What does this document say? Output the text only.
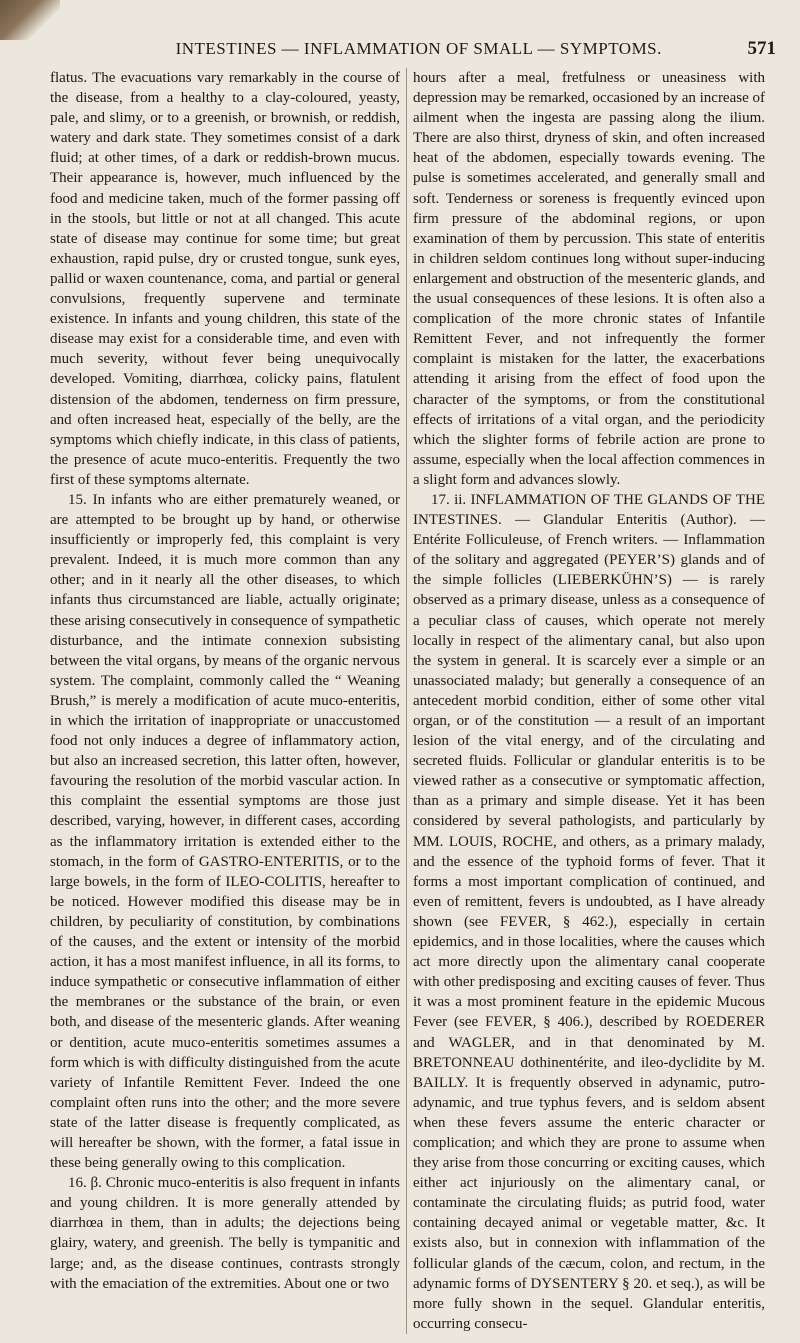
INTESTINES — INFLAMMATION OF SMALL — SYMPTOMS.	571

flatus. The evacuations vary remarkably in the course of the disease, from a healthy to a clay-coloured, yeasty, pale, and slimy, or to a greenish, or brownish, or reddish, watery and dark state. They sometimes consist of a dark fluid; at other times, of a dark or reddish-brown mucus. Their appearance is, however, much influenced by the food and medicine taken, much of the former passing off in the stools, but little or not at all changed. This acute state of disease may continue for some time; but great exhaustion, rapid pulse, dry or crusted tongue, sunk eyes, pallid or waxen countenance, coma, and partial or general convulsions, frequently supervene and terminate existence. In infants and young children, this state of the disease may exist for a considerable time, and even with much severity, without fever being unequivocally developed. Vomiting, diarrhœa, colicky pains, flatulent distension of the abdomen, tenderness on firm pressure, and often increased heat, especially of the belly, are the symptoms which chiefly indicate, in this class of patients, the presence of acute muco-enteritis. Frequently the two first of these symptoms alternate.

15. In infants who are either prematurely weaned, or are attempted to be brought up by hand, or otherwise insufficiently or improperly fed, this complaint is very prevalent. Indeed, it is much more common than any other; and in it nearly all the other diseases, to which infants thus circumstanced are liable, actually originate; these arising consecutively in consequence of sympathetic disturbance, and the intimate connexion subsisting between the vital organs, by means of the organic nervous system. The complaint, commonly called the “ Weaning Brush,” is merely a modification of acute muco-enteritis, in which the irritation of inappropriate or unaccustomed food not only induces a degree of inflammatory action, but also an increased secretion, this latter often, however, favouring the resolution of the morbid vascular action. In this complaint the essential symptoms are those just described, varying, however, in different cases, according as the inflammatory irritation is extended either to the stomach, in the form of GASTRO-ENTERITIS, or to the large bowels, in the form of ILEO-COLITIS, hereafter to be noticed. However modified this disease may be in children, by peculiarity of constitution, by combinations of the causes, and the extent or intensity of the morbid action, it has a most manifest influence, in all its forms, to induce sympathetic or consecutive inflammation of either the membranes or the substance of the brain, or even both, and disease of the mesenteric glands. After weaning or dentition, acute muco-enteritis sometimes assumes a form which is with difficulty distinguished from the acute variety of Infantile Remittent Fever. Indeed the one complaint often runs into the other; and the more severe state of the latter disease is frequently complicated, as will hereafter be shown, with the former, a fatal issue in these being generally owing to this complication.

16. β. Chronic muco-enteritis is also frequent in infants and young children. It is more generally attended by diarrhœa in them, than in adults; the dejections being glairy, watery, and greenish. The belly is tympanitic and large; and, as the disease continues, contrasts strongly with the emaciation of the extremities. About one or two

hours after a meal, fretfulness or uneasiness with depression may be remarked, occasioned by an increase of ailment when the ingesta are passing along the ilium. There are also thirst, dryness of skin, and often increased heat of the abdomen, especially towards evening. The pulse is sometimes accelerated, and generally small and soft. Tenderness or soreness is frequently evinced upon firm pressure of the abdominal regions, or upon examination of them by percussion. This state of enteritis in children seldom continues long without super-inducing enlargement and obstruction of the mesenteric glands, and the usual consequences of these lesions. It is often also a complication of the more chronic states of Infantile Remittent Fever, and not infrequently the former complaint is mistaken for the latter, the exacerbations attending it arising from the effect of food upon the character of the symptoms, or from the constitutional effects of irritations of a vital organ, and the periodicity which the slighter forms of febrile action are prone to assume, especially when the local affection commences in a slight form and advances slowly.

17. ii. INFLAMMATION OF THE GLANDS OF THE INTESTINES. — Glandular Enteritis (Author). — Entérite Folliculeuse, of French writers. — Inflammation of the solitary and aggregated (PEYER’S) glands and of the simple follicles (LIEBERKÜHN’S) — is rarely observed as a primary disease, unless as a consequence of a peculiar class of causes, which operate not merely locally in respect of the alimentary canal, but also upon the system in general. It is scarcely ever a simple or an unassociated malady; but generally a consequence of an antecedent morbid condition, either of some other vital organ, or of the constitution — a result of an important lesion of the vital energy, and of the circulating and secreted fluids. Follicular or glandular enteritis is to be viewed rather as a consecutive or symptomatic affection, than as a primary and simple disease. Yet it has been considered by several pathologists, and particularly by MM. LOUIS, ROCHE, and others, as a primary malady, and the essence of the typhoid forms of fever. That it forms a most important complication of continued, and even of remittent, fevers is undoubted, as I have already shown (see FEVER, § 462.), especially in certain epidemics, and in those localities, where the causes which act more directly upon the alimentary canal cooperate with other predisposing and exciting causes of fever. Thus it was a most prominent feature in the epidemic Mucous Fever (see FEVER, § 406.), described by ROEDERER and WAGLER, and in that denominated by M. BRETONNEAU dothinentérite, and ileo-dyclidite by M. BAILLY. It is frequently observed in adynamic, putro-adynamic, and true typhus fevers, and is seldom absent when these fevers assume the enteric character or complication; and which they are prone to assume when they arise from those concurring or exciting causes, which either act injuriously on the alimentary canal, or contaminate the circulating fluids; as putrid food, water containing decayed animal or vegetable matter, &c. It exists also, but in connexion with inflammation of the follicular glands of the cæcum, colon, and rectum, in the adynamic forms of DYSENTERY § 20. et seq.), as will be more fully shown in the sequel. Glandular enteritis, occurring consecu-
